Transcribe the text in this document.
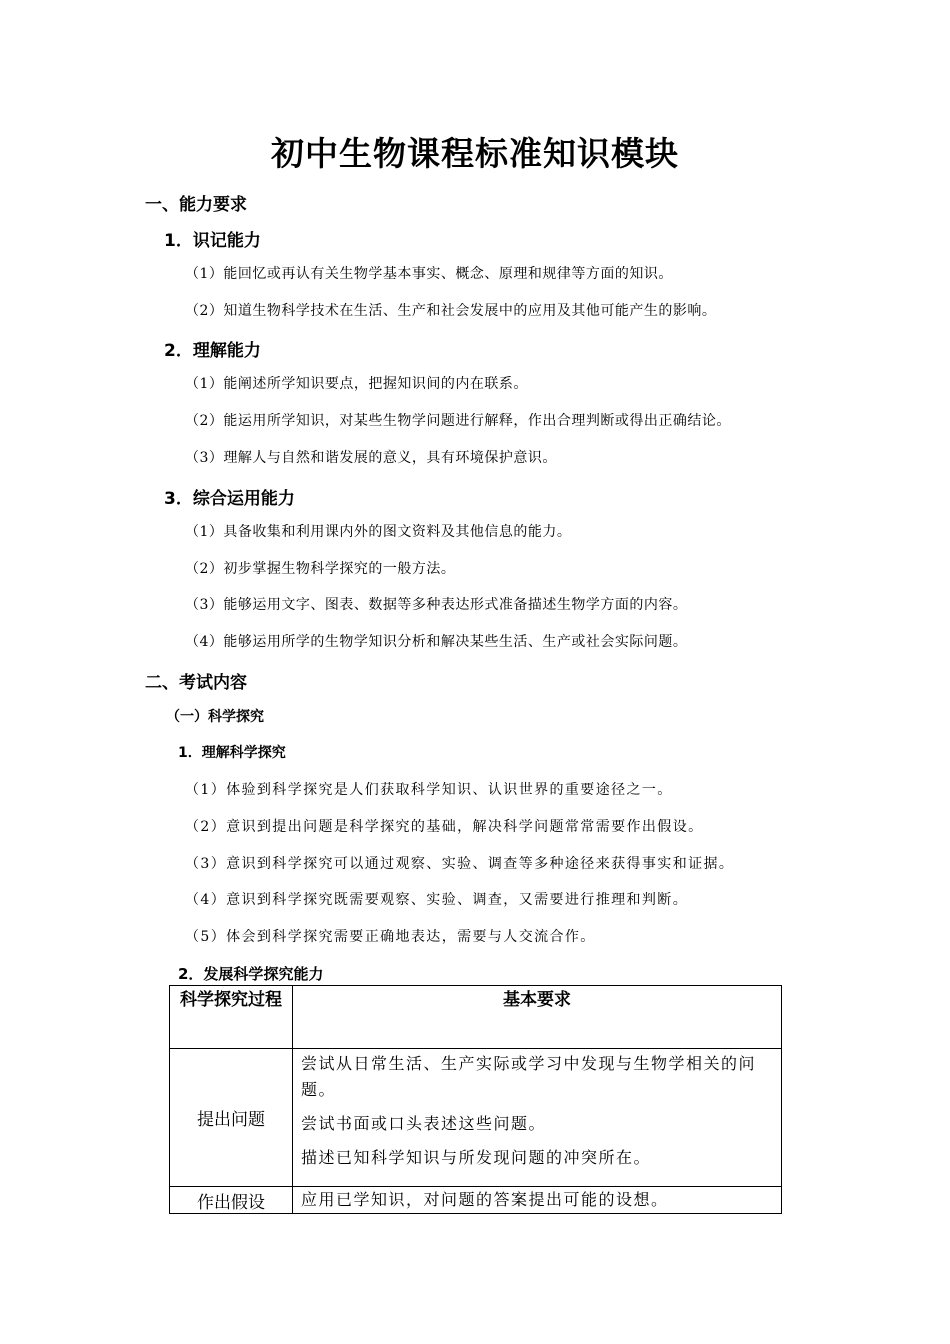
初中生物课程标准知识模块
一、能力要求
1．识记能力
（1）能回忆或再认有关生物学基本事实、概念、原理和规律等方面的知识。
（2）知道生物科学技术在生活、生产和社会发展中的应用及其他可能产生的影响。
2．理解能力
（1）能阐述所学知识要点，把握知识间的内在联系。
（2）能运用所学知识，对某些生物学问题进行解释，作出合理判断或得出正确结论。
（3）理解人与自然和谐发展的意义，具有环境保护意识。
3．综合运用能力
（1）具备收集和利用课内外的图文资料及其他信息的能力。
（2）初步掌握生物科学探究的一般方法。
（3）能够运用文字、图表、数据等多种表达形式准备描述生物学方面的内容。
（4）能够运用所学的生物学知识分析和解决某些生活、生产或社会实际问题。
二、考试内容
（一）科学探究
1．理解科学探究
（1）体验到科学探究是人们获取科学知识、认识世界的重要途径之一。
（2）意识到提出问题是科学探究的基础，解决科学问题常常需要作出假设。
（3）意识到科学探究可以通过观察、实验、调查等多种途径来获得事实和证据。
（4）意识到科学探究既需要观察、实验、调查，又需要进行推理和判断。
（5）体会到科学探究需要正确地表达，需要与人交流合作。
2．发展科学探究能力
科学探究过程	基本要求
提出问题	尝试从日常生活、生产实际或学习中发现与生物学相关的问题。

尝试书面或口头表述这些问题。

描述已知科学知识与所发现问题的冲突所在。

作出假设	应用已学知识，对问题的答案提出可能的设想。
